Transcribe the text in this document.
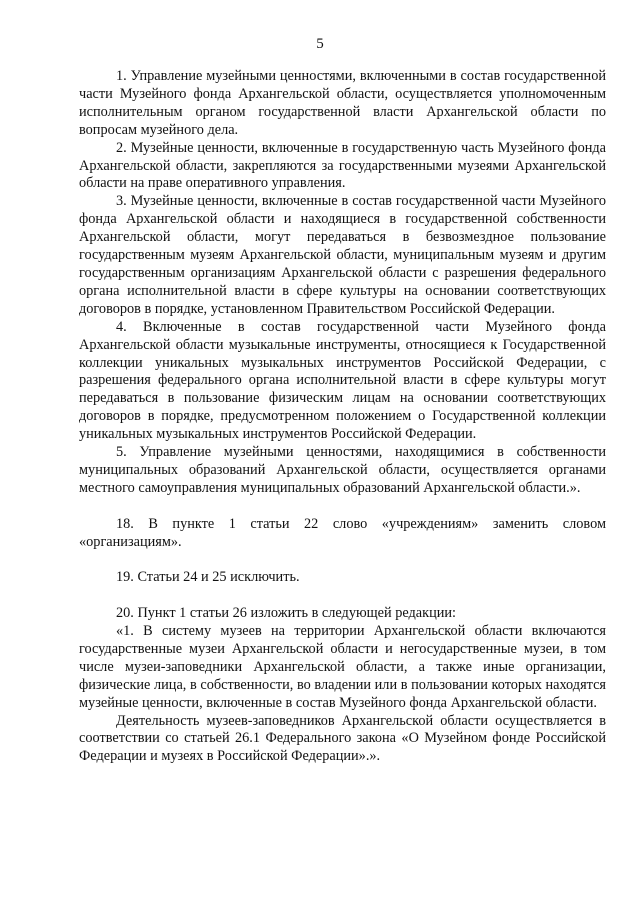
5

1. Управление музейными ценностями, включенными в состав государственной части Музейного фонда Архангельской области, осуществляется уполномоченным исполнительным органом государственной власти Архангельской области по вопросам музейного дела.

2. Музейные ценности, включенные в государственную часть Музейного фонда Архангельской области, закрепляются за государственными музеями Архангельской области на праве оперативного управления.

3. Музейные ценности, включенные в состав государственной части Музейного фонда Архангельской области и находящиеся в государственной собственности Архангельской области, могут передаваться в безвозмездное пользование государственным музеям Архангельской области, муниципальным музеям и другим государственным организациям Архангельской области с разрешения федерального органа исполнительной власти в сфере культуры на основании соответствующих договоров в порядке, установленном Правительством Российской Федерации.

4. Включенные в состав государственной части Музейного фонда Архангельской области музыкальные инструменты, относящиеся к Государственной коллекции уникальных музыкальных инструментов Российской Федерации, с разрешения федерального органа исполнительной власти в сфере культуры могут передаваться в пользование физическим лицам на основании соответствующих договоров в порядке, предусмотренном положением о Государственной коллекции уникальных музыкальных инструментов Российской Федерации.

5. Управление музейными ценностями, находящимися в собственности муниципальных образований Архангельской области, осуществляется органами местного самоуправления муниципальных образований Архангельской области.».

18. В пункте 1 статьи 22 слово «учреждениям» заменить словом «организациям».

19. Статьи 24 и 25 исключить.

20. Пункт 1 статьи 26 изложить в следующей редакции:

«1. В систему музеев на территории Архангельской области включаются государственные музеи Архангельской области и негосударственные музеи, в том числе музеи-заповедники Архангельской области, а также иные организации, физические лица, в собственности, во владении или в пользовании которых находятся музейные ценности, включенные в состав Музейного фонда Архангельской области.

Деятельность музеев-заповедников Архангельской области осуществляется в соответствии со статьей 26.1 Федерального закона «О Музейном фонде Российской Федерации и музеях в Российской Федерации».».
